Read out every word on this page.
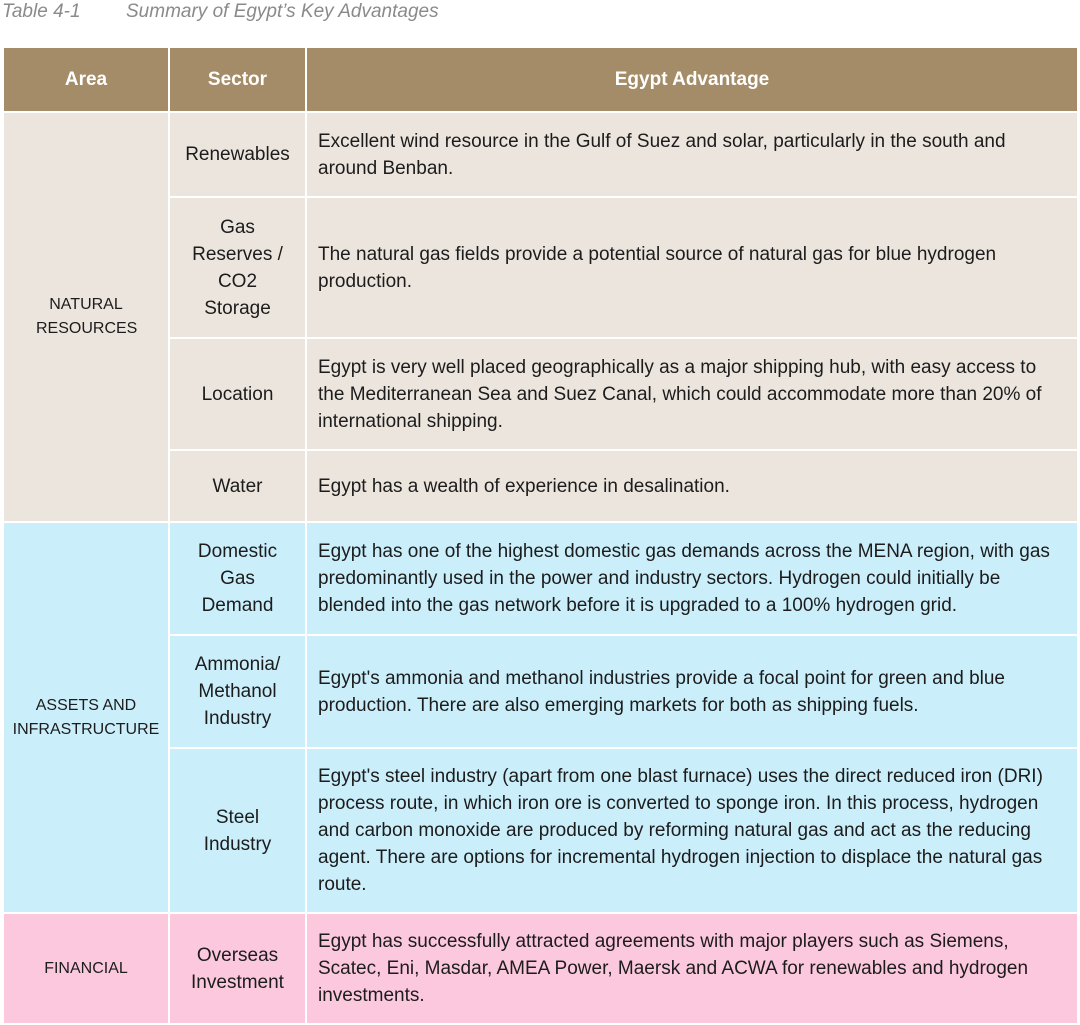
Table 4-1 Summary of Egypt’s Key Advantages
Area	Sector	Egypt Advantage

NATURAL RESOURCES	Renewables	Excellent wind resource in the Gulf of Suez and solar, particularly in the south and around Benban.

	Gas Reserves / CO2 Storage	The natural gas fields provide a potential source of natural gas for blue hydrogen production.

	Location	Egypt is very well placed geographically as a major shipping hub, with easy access to the Mediterranean Sea and Suez Canal, which could accommodate more than 20% of international shipping.

	Water	Egypt has a wealth of experience in desalination.

ASSETS AND INFRASTRUCTURE	Domestic Gas Demand	Egypt has one of the highest domestic gas demands across the MENA region, with gas predominantly used in the power and industry sectors. Hydrogen could initially be blended into the gas network before it is upgraded to a 100% hydrogen grid.

	Ammonia/ Methanol Industry	Egypt's ammonia and methanol industries provide a focal point for green and blue production. There are also emerging markets for both as shipping fuels.

	Steel Industry	Egypt's steel industry (apart from one blast furnace) uses the direct reduced iron (DRI) process route, in which iron ore is converted to sponge iron. In this process, hydrogen and carbon monoxide are produced by reforming natural gas and act as the reducing agent. There are options for incremental hydrogen injection to displace the natural gas route.

FINANCIAL	Overseas Investment	Egypt has successfully attracted agreements with major players such as Siemens, Scatec, Eni, Masdar, AMEA Power, Maersk and ACWA for renewables and hydrogen investments.
